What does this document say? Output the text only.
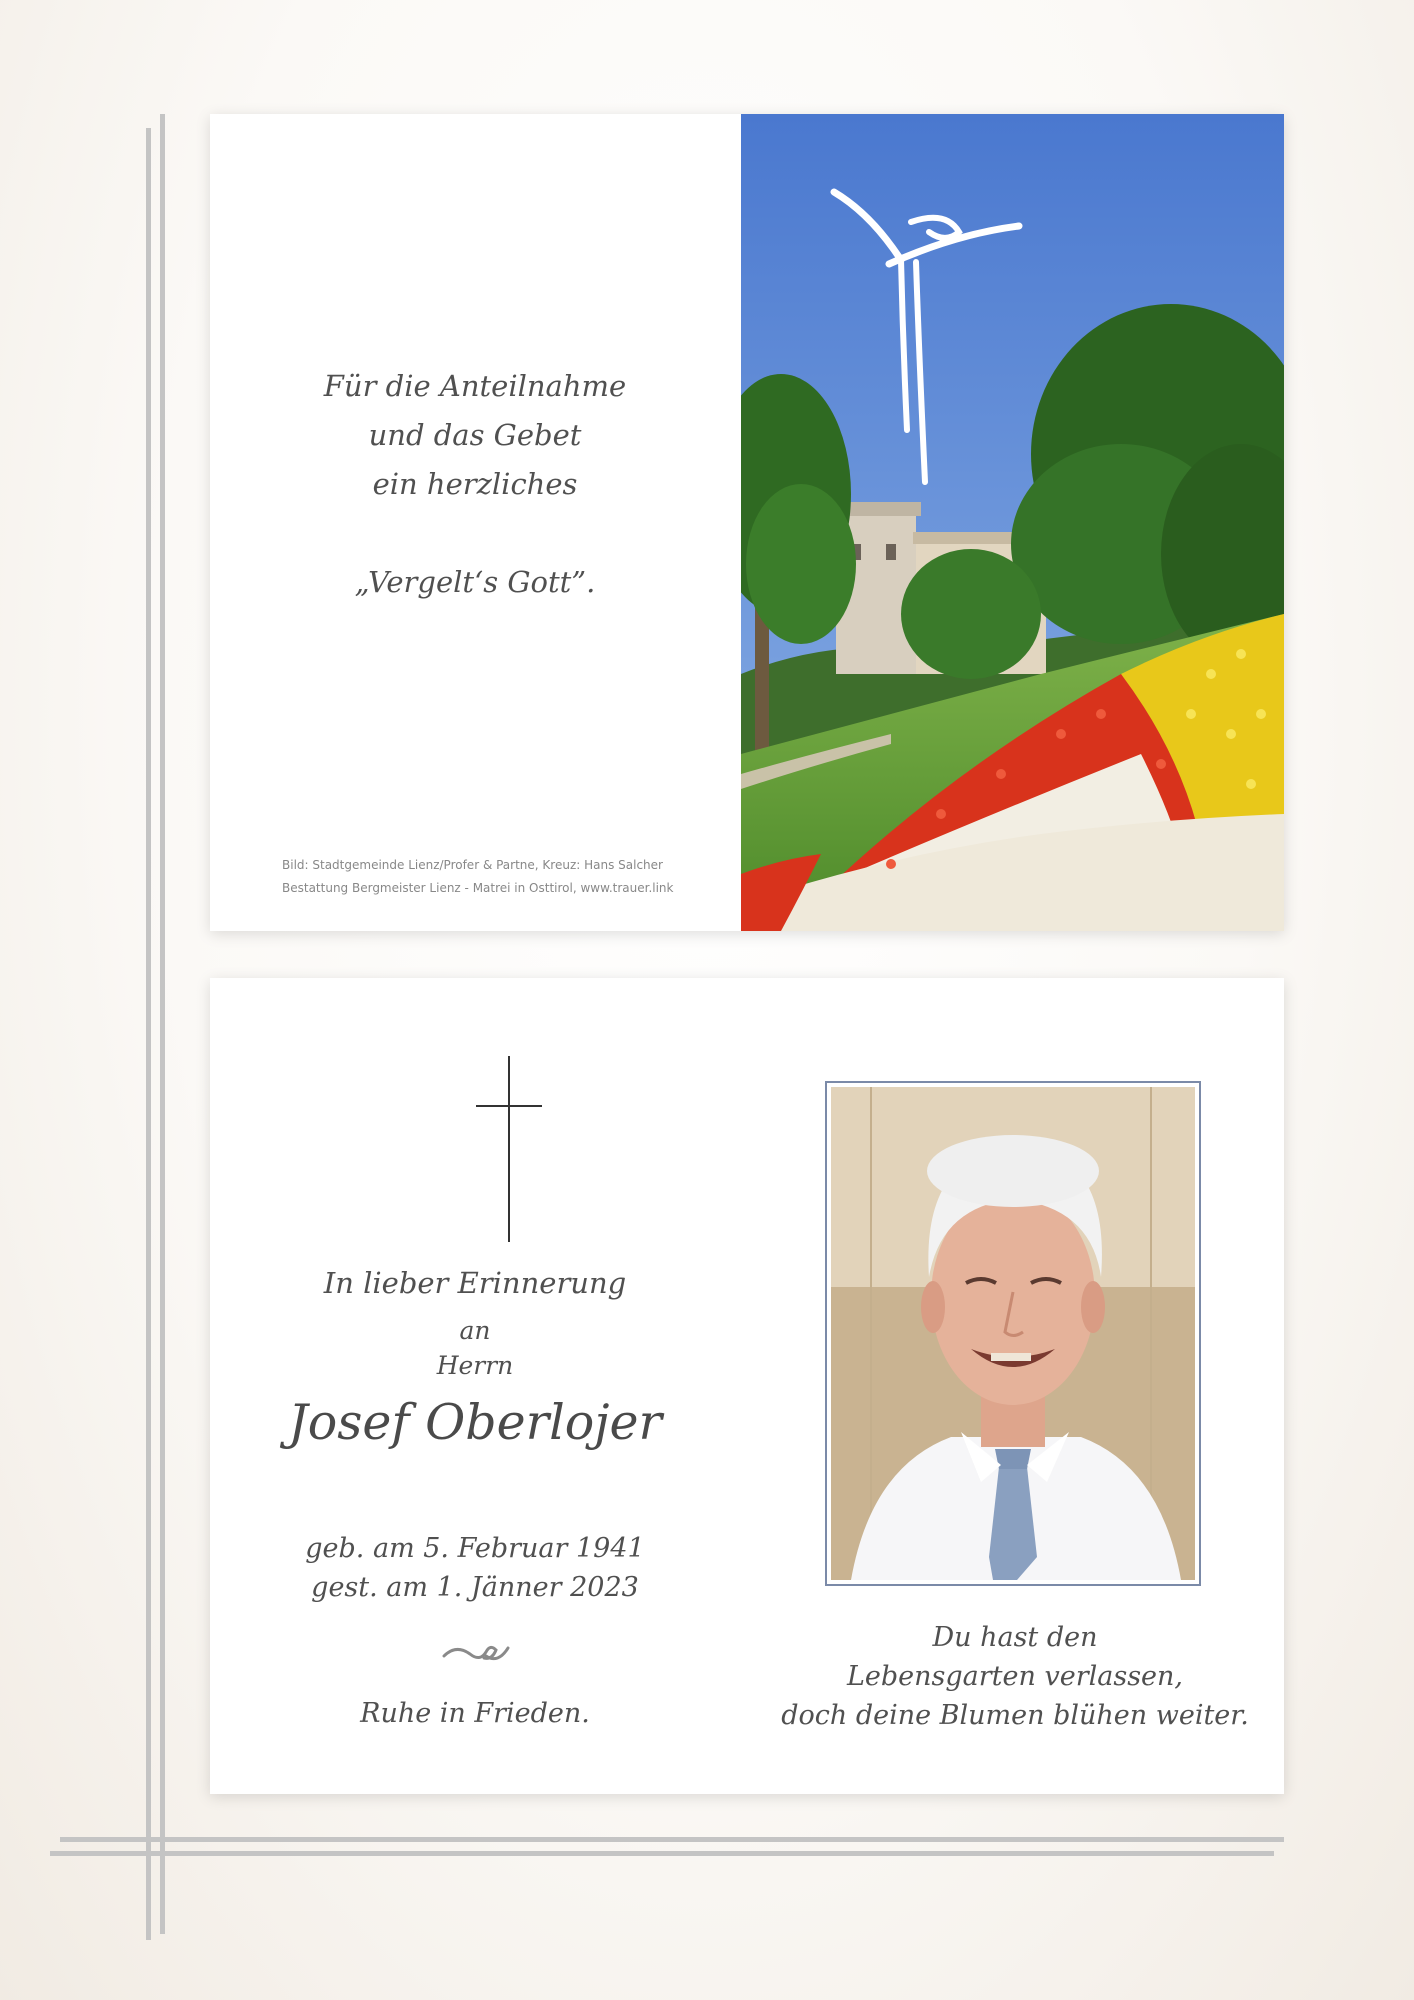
Für die Anteilnahme
und das Gebet
ein herzliches
„Vergelt‘s Gott”.
Bild: Stadtgemeinde Lienz/Profer & Partne, Kreuz: Hans Salcher
Bestattung Bergmeister Lienz - Matrei in Osttirol, www.trauer.link
In lieber Erinnerung
an
Herrn
Josef Oberlojer
geb. am 5. Februar 1941
gest. am 1. Jänner 2023
Ruhe in Frieden.
Du hast den
Lebensgarten verlassen,
doch deine Blumen blühen weiter.
